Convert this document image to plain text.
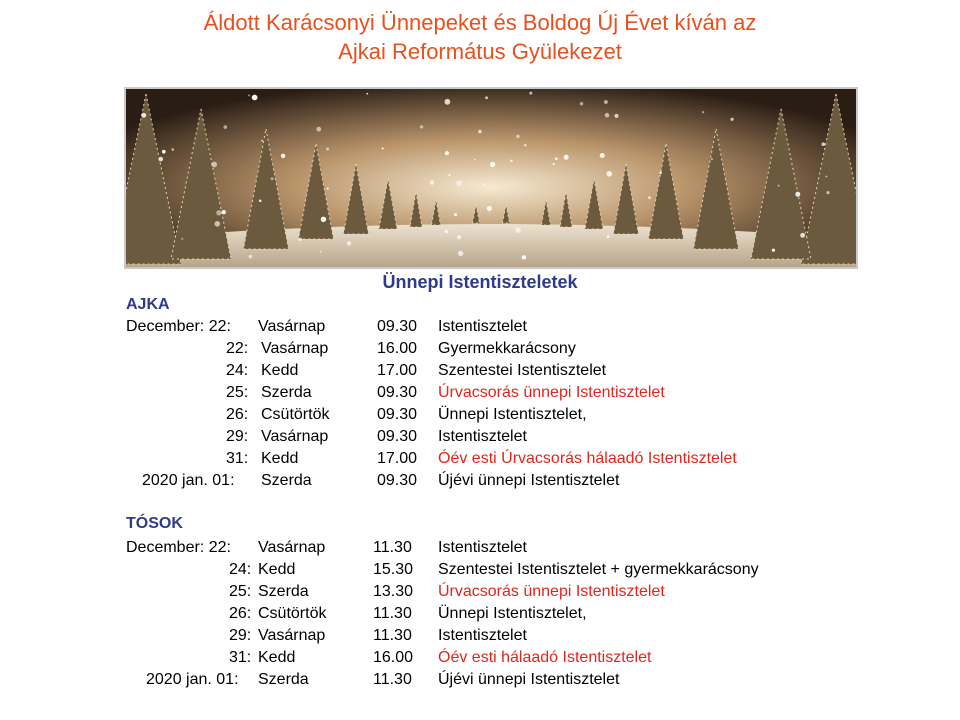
Áldott Karácsonyi Ünnepeket és Boldog Új Évet kíván az
Ajkai Református Gyülekezet
Ünnepi Istentiszteletek
AJKA
December: 22: Vasárnap	09.30 Istentisztelet
22: Vasárnap	16.00 Gyermekkarácsony
24: Kedd	17.00 Szentestei Istentisztelet
25: Szerda	09.30 Úrvacsorás ünnepi Istentisztelet
26: Csütörtök	09.30 Ünnepi Istentisztelet,
29: Vasárnap	09.30 Istentisztelet
31: Kedd	17.00 Óév esti Úrvacsorás hálaadó Istentisztelet
2020 jan. 01: Szerda	09.30 Újévi ünnepi Istentisztelet
TÓSOK
December: 22: Vasárnap	11.30 Istentisztelet
24: Kedd	15.30 Szentestei Istentisztelet + gyermekkarácsony
25: Szerda	13.30 Úrvacsorás ünnepi Istentisztelet
26: Csütörtök	11.30 Ünnepi Istentisztelet,
29: Vasárnap	11.30 Istentisztelet
31: Kedd	16.00 Óév esti hálaadó Istentisztelet
2020 jan. 01: Szerda	11.30 Újévi ünnepi Istentisztelet
